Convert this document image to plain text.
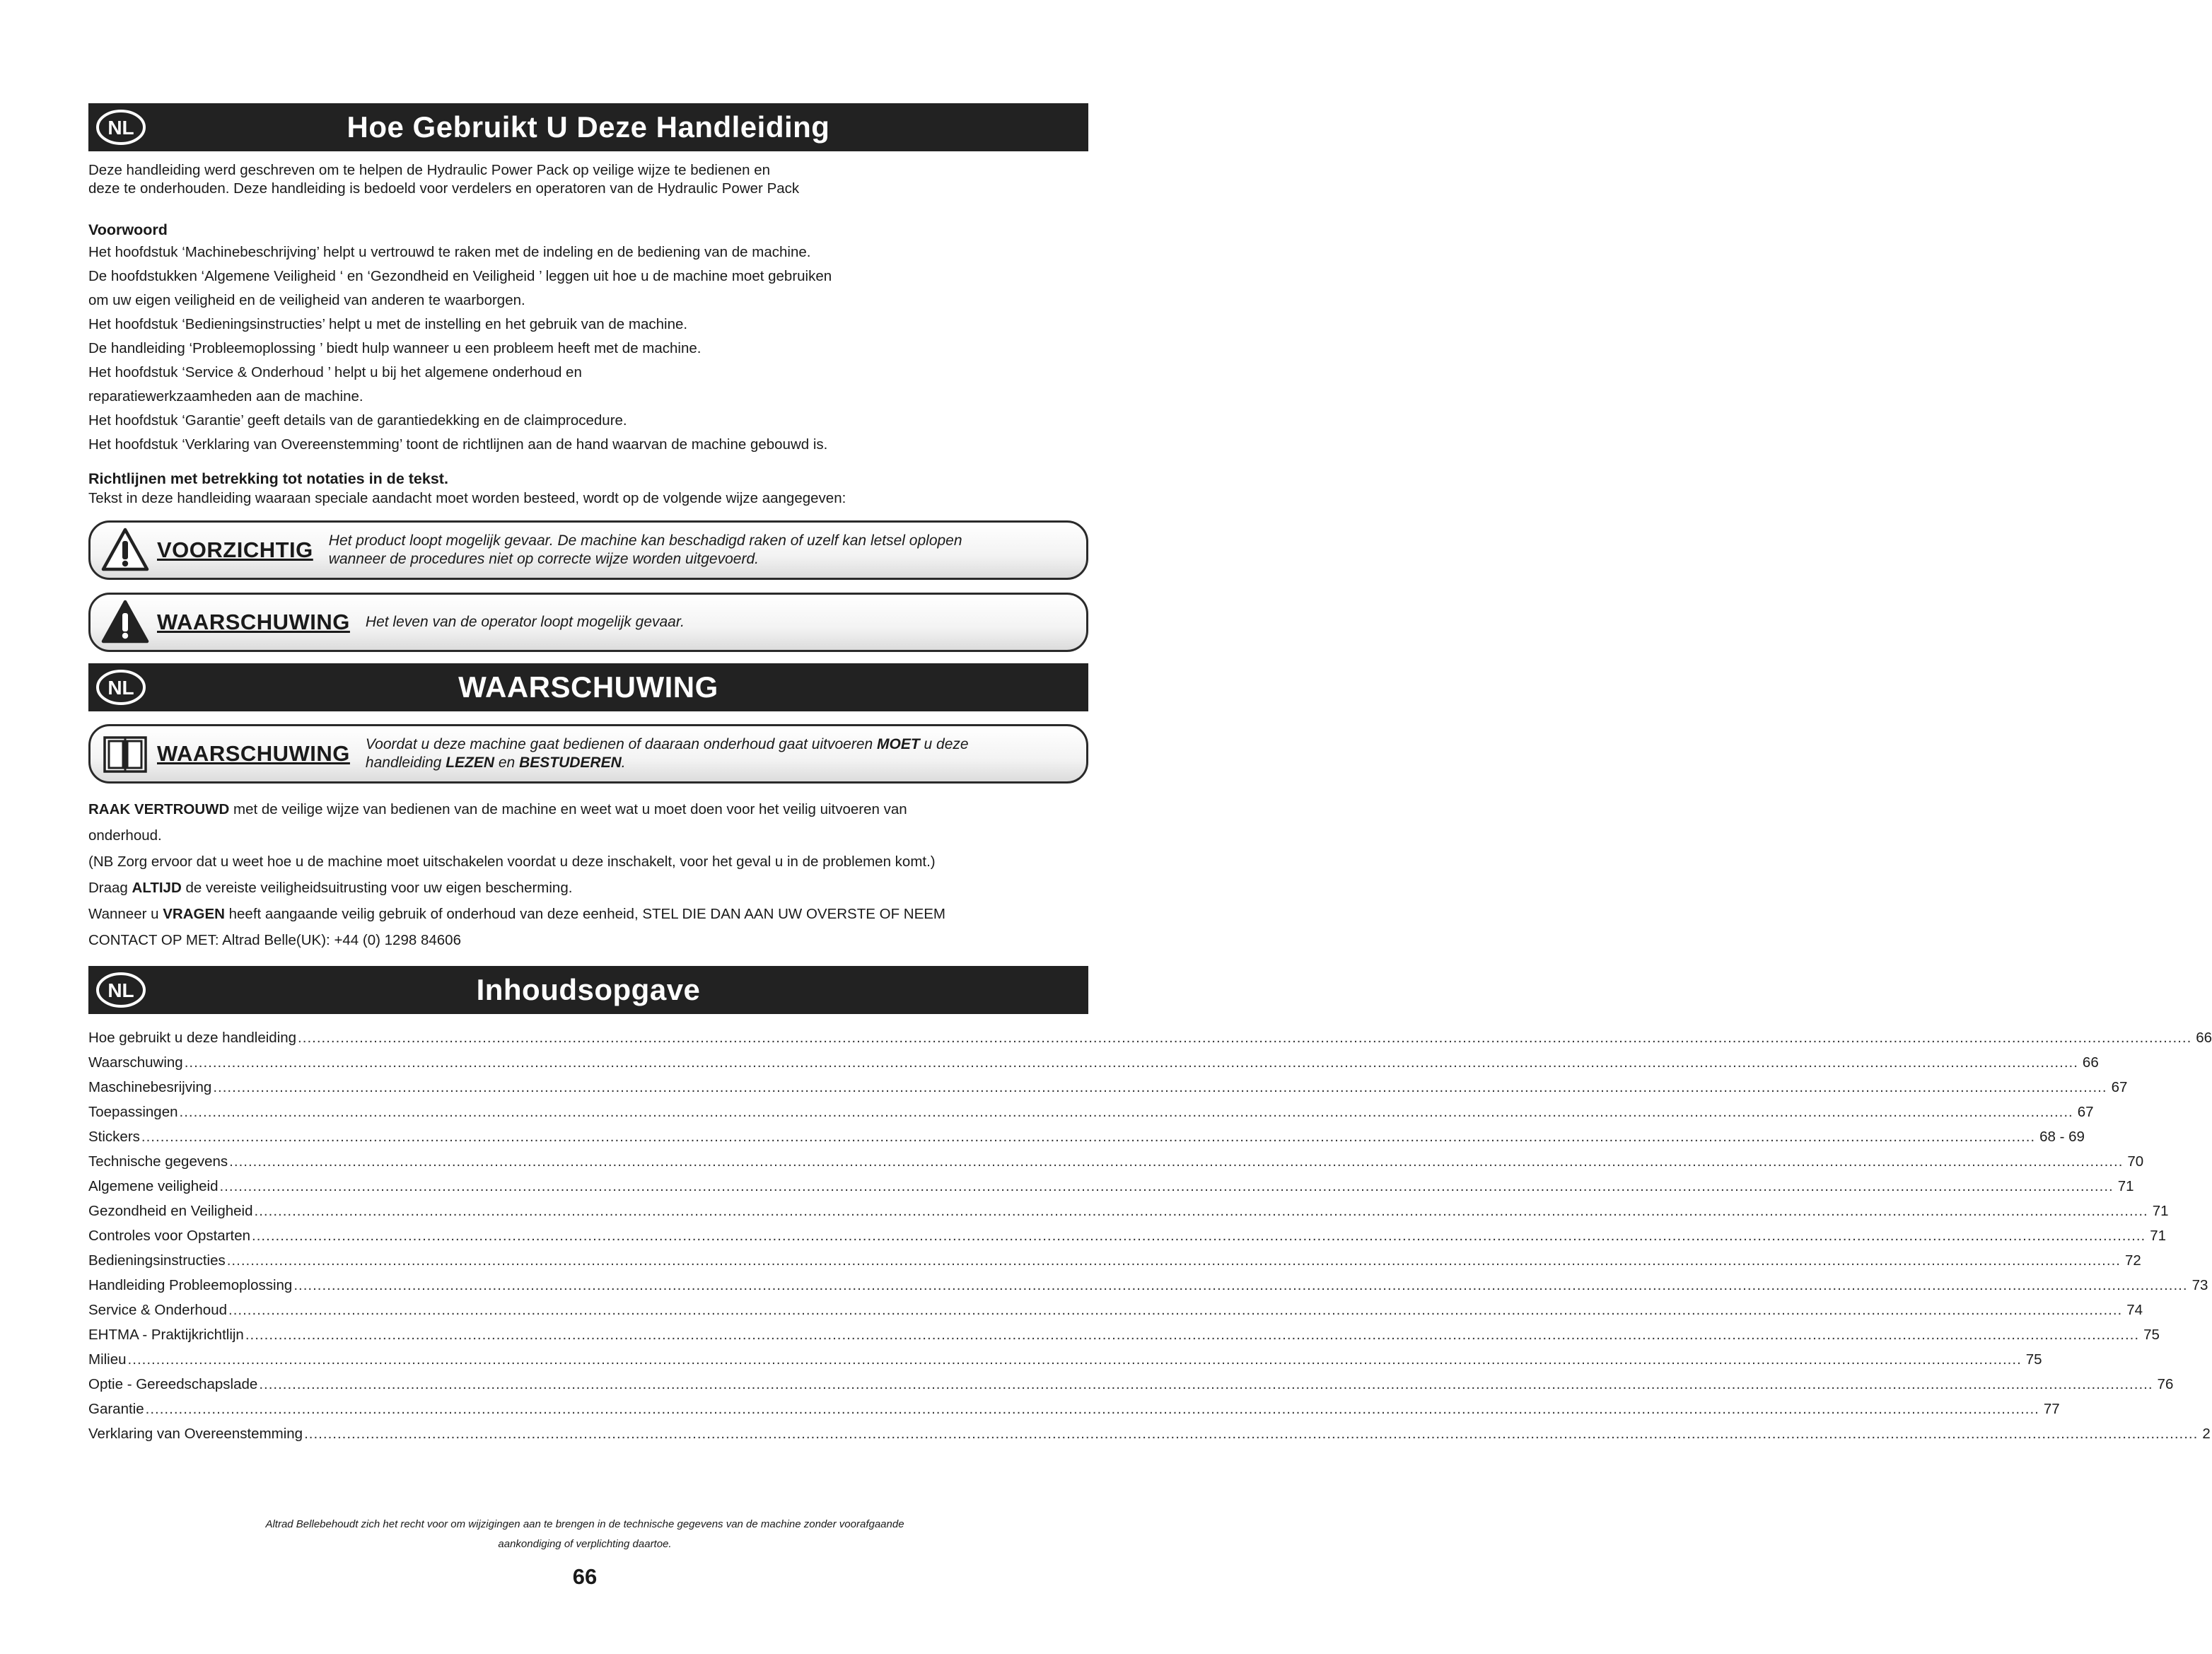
NL	Hoe Gebruikt U Deze Handleiding

Deze handleiding werd geschreven om te helpen de Hydraulic Power Pack op veilige wijze te bedienen en

deze te onderhouden. Deze handleiding is bedoeld voor verdelers en operatoren van de Hydraulic Power Pack

Voorwoord

Het hoofdstuk ‘Machinebeschrijving’ helpt u vertrouwd te raken met de indeling en de bediening van de machine.

De hoofdstukken ‘Algemene Veiligheid ‘ en ‘Gezondheid en Veiligheid ’ leggen uit hoe u de machine moet gebruiken

om uw eigen veiligheid en de veiligheid van anderen te waarborgen.

Het hoofdstuk ‘Bedieningsinstructies’ helpt u met de instelling en het gebruik van de machine.

De handleiding ‘Probleemoplossing ’ biedt hulp wanneer u een probleem heeft met de machine.

Het hoofdstuk ‘Service & Onderhoud ’ helpt u bij het algemene onderhoud en

reparatiewerkzaamheden aan de machine.

Het hoofdstuk ‘Garantie’ geeft details van de garantiedekking en de claimprocedure.

Het hoofdstuk ‘Verklaring van Overeenstemming’ toont de richtlijnen aan de hand waarvan de machine gebouwd is.

Richtlijnen met betrekking tot notaties in de tekst.

Tekst in deze handleiding waaraan speciale aandacht moet worden besteed, wordt op de volgende wijze aangegeven:

VOORZICHTIG Het product loopt mogelijk gevaar. De machine kan beschadigd raken of uzelf kan letsel oplopen
wanneer de procedures niet op correcte wijze worden uitgevoerd.
WAARSCHUWING Het leven van de operator loopt mogelijk gevaar.
NL	WAARSCHUWING
WAARSCHUWING Voordat u deze machine gaat bedienen of daaraan onderhoud gaat uitvoeren MOET u deze
handleiding LEZEN en BESTUDEREN.

RAAK VERTROUWD met de veilige wijze van bedienen van de machine en weet wat u moet doen voor het veilig uitvoeren van

onderhoud.

(NB Zorg ervoor dat u weet hoe u de machine moet uitschakelen voordat u deze inschakelt, voor het geval u in de problemen komt.)

Draag ALTIJD de vereiste veiligheidsuitrusting voor uw eigen bescherming.

Wanneer u VRAGEN heeft aangaande veilig gebruik of onderhoud van deze eenheid, STEL DIE DAN AAN UW OVERSTE OF NEEM

CONTACT OP MET: Altrad Belle(UK): +44 (0) 1298 84606

NL	Inhoudsopgave
Hoe gebruikt u deze handleiding ................................................................................................................................................................................................................................................................................................................................................................................................................ 66
Waarschuwing ................................................................................................................................................................................................................................................................................................................................................................................................................ 66
Maschinebesrijving ................................................................................................................................................................................................................................................................................................................................................................................................................ 67
Toepassingen ................................................................................................................................................................................................................................................................................................................................................................................................................ 67
Stickers ................................................................................................................................................................................................................................................................................................................................................................................................................ 68 - 69
Technische gegevens ................................................................................................................................................................................................................................................................................................................................................................................................................ 70
Algemene veiligheid ................................................................................................................................................................................................................................................................................................................................................................................................................ 71
Gezondheid en Veiligheid ................................................................................................................................................................................................................................................................................................................................................................................................................ 71
Controles voor Opstarten ................................................................................................................................................................................................................................................................................................................................................................................................................ 71
Bedieningsinstructies ................................................................................................................................................................................................................................................................................................................................................................................................................ 72
Handleiding Probleemoplossing ................................................................................................................................................................................................................................................................................................................................................................................................................ 73
Service & Onderhoud ................................................................................................................................................................................................................................................................................................................................................................................................................ 74
EHTMA - Praktijkrichtlijn ................................................................................................................................................................................................................................................................................................................................................................................................................ 75
Milieu ................................................................................................................................................................................................................................................................................................................................................................................................................ 75
Optie - Gereedschapslade ................................................................................................................................................................................................................................................................................................................................................................................................................ 76
Garantie ................................................................................................................................................................................................................................................................................................................................................................................................................ 77
Verklaring van Overeenstemming ................................................................................................................................................................................................................................................................................................................................................................................................................ 2

Altrad Bellebehoudt zich het recht voor om wijzigingen aan te brengen in de technische gegevens van de machine zonder voorafgaande

aankondiging of verplichting daartoe.

66
